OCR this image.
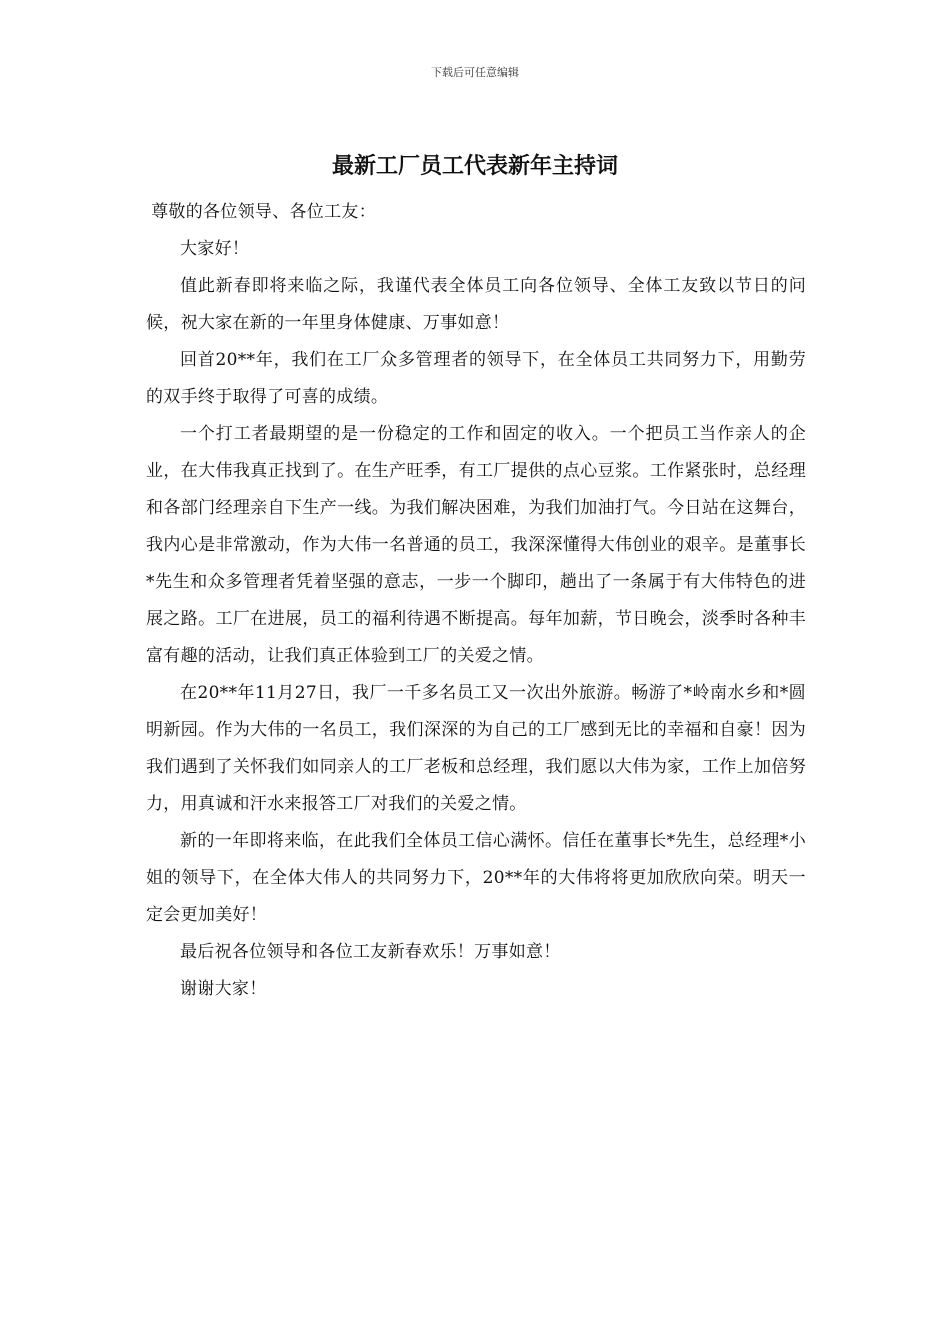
下载后可任意编辑
最新工厂员工代表新年主持词

尊敬的各位领导、各位工友：

大家好！

值此新春即将来临之际，我谨代表全体员工向各位领导、全体工友致以节日的问候，祝大家在新的一年里身体健康、万事如意！

回首20**年，我们在工厂众多管理者的领导下，在全体员工共同努力下，用勤劳的双手终于取得了可喜的成绩。

一个打工者最期望的是一份稳定的工作和固定的收入。一个把员工当作亲人的企业，在大伟我真正找到了。在生产旺季，有工厂提供的点心豆浆。工作紧张时，总经理和各部门经理亲自下生产一线。为我们解决困难，为我们加油打气。今日站在这舞台，我内心是非常激动，作为大伟一名普通的员工，我深深懂得大伟创业的艰辛。是董事长*先生和众多管理者凭着坚强的意志，一步一个脚印，趟出了一条属于有大伟特色的进展之路。工厂在进展，员工的福利待遇不断提高。每年加薪，节日晚会，淡季时各种丰富有趣的活动，让我们真正体验到工厂的关爱之情。

在20**年11月27日，我厂一千多名员工又一次出外旅游。畅游了*岭南水乡和*圆明新园。作为大伟的一名员工，我们深深的为自己的工厂感到无比的幸福和自豪！因为我们遇到了关怀我们如同亲人的工厂老板和总经理，我们愿以大伟为家，工作上加倍努力，用真诚和汗水来报答工厂对我们的关爱之情。

新的一年即将来临，在此我们全体员工信心满怀。信任在董事长*先生，总经理*小姐的领导下，在全体大伟人的共同努力下，20**年的大伟将将更加欣欣向荣。明天一定会更加美好！

最后祝各位领导和各位工友新春欢乐！万事如意！

谢谢大家！
